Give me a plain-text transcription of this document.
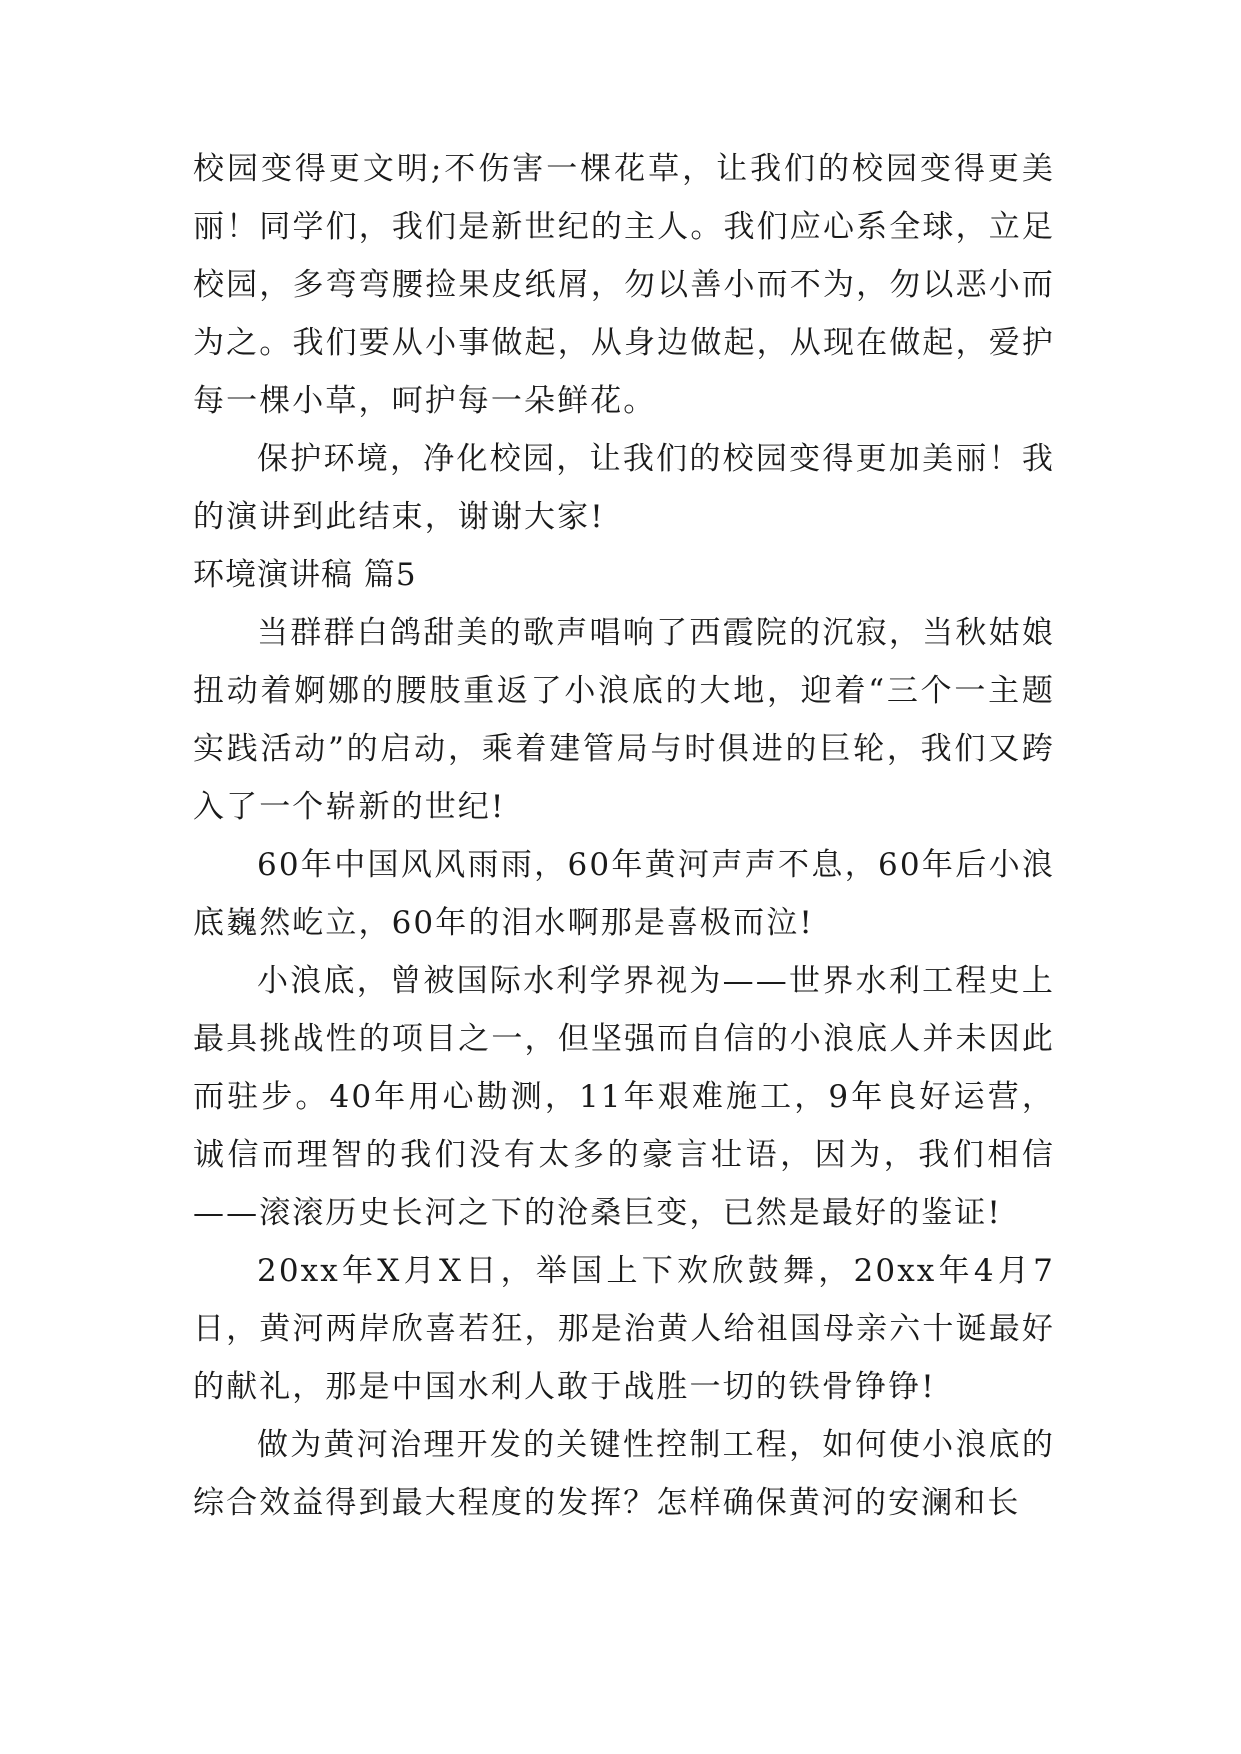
校园变得更文明;不伤害一棵花草，让我们的校园变得更美丽！同学们，我们是新世纪的主人。我们应心系全球，立足校园，多弯弯腰捡果皮纸屑，勿以善小而不为，勿以恶小而为之。我们要从小事做起，从身边做起，从现在做起，爱护每一棵小草，呵护每一朵鲜花。

保护环境，净化校园，让我们的校园变得更加美丽！我的演讲到此结束，谢谢大家!

环境演讲稿 篇5

当群群白鸽甜美的歌声唱响了西霞院的沉寂，当秋姑娘扭动着婀娜的腰肢重返了小浪底的大地，迎着“三个一主题实践活动”的启动，乘着建管局与时俱进的巨轮，我们又跨入了一个崭新的世纪!

60年中国风风雨雨，60年黄河声声不息，60年后小浪底巍然屹立，60年的泪水啊那是喜极而泣!

小浪底，曾被国际水利学界视为——世界水利工程史上最具挑战性的项目之一，但坚强而自信的小浪底人并未因此而驻步。40年用心勘测，11年艰难施工，9年良好运营，诚信而理智的我们没有太多的豪言壮语，因为，我们相信——滚滚历史长河之下的沧桑巨变，已然是最好的鉴证!

20xx年X月X日，举国上下欢欣鼓舞，20xx年4月7日，黄河两岸欣喜若狂，那是治黄人给祖国母亲六十诞最好的献礼，那是中国水利人敢于战胜一切的铁骨铮铮!

做为黄河治理开发的关键性控制工程，如何使小浪底的综合效益得到最大程度的发挥？怎样确保黄河的安澜和长
